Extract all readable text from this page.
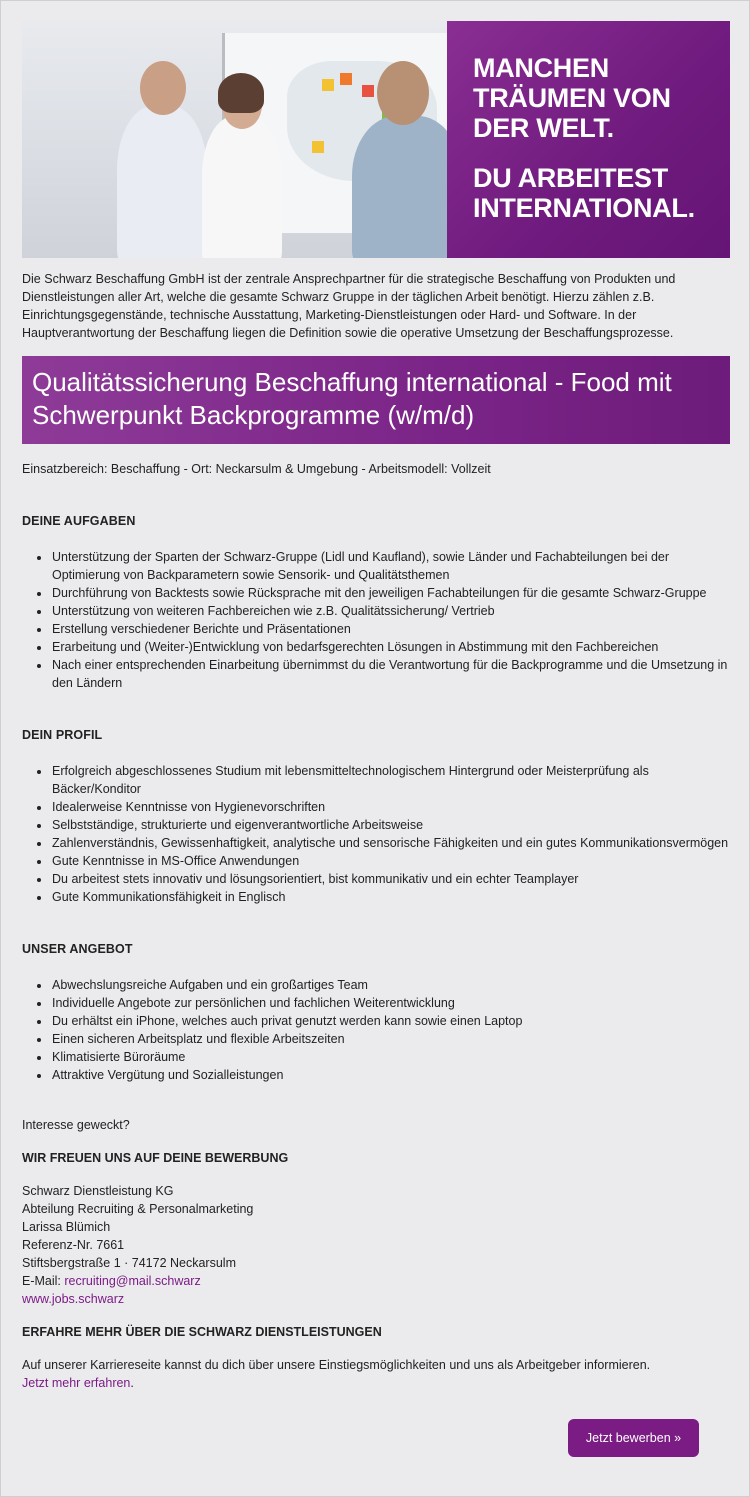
MANCHEN
TRÄUMEN VON
DER WELT.
DU ARBEITEST
INTERNATIONAL.
Die Schwarz Beschaffung GmbH ist der zentrale Ansprechpartner für die strategische Beschaffung von Produkten und Dienstleistungen aller Art, welche die gesamte Schwarz Gruppe in der täglichen Arbeit benötigt. Hierzu zählen z.B. Einrichtungsgegenstände, technische Ausstattung, Marketing-Dienstleistungen oder Hard- und Software. In der Hauptverantwortung der Beschaffung liegen die Definition sowie die operative Umsetzung der Beschaffungsprozesse.
Qualitätssicherung Beschaffung international - Food mit Schwerpunkt Backprogramme (w/m/d)
Einsatzbereich: Beschaffung - Ort: Neckarsulm & Umgebung - Arbeitsmodell: Vollzeit
DEINE AUFGABEN
• Unterstützung der Sparten der Schwarz-Gruppe (Lidl und Kaufland), sowie Länder und Fachabteilungen bei der Optimierung von Backparametern sowie Sensorik- und Qualitätsthemen
• Durchführung von Backtests sowie Rücksprache mit den jeweiligen Fachabteilungen für die gesamte Schwarz-Gruppe
• Unterstützung von weiteren Fachbereichen wie z.B. Qualitätssicherung/ Vertrieb
• Erstellung verschiedener Berichte und Präsentationen
• Erarbeitung und (Weiter-)Entwicklung von bedarfsgerechten Lösungen in Abstimmung mit den Fachbereichen
• Nach einer entsprechenden Einarbeitung übernimmst du die Verantwortung für die Backprogramme und die Umsetzung in den Ländern
DEIN PROFIL
• Erfolgreich abgeschlossenes Studium mit lebensmitteltechnologischem Hintergrund oder Meisterprüfung als Bäcker/Konditor
• Idealerweise Kenntnisse von Hygienevorschriften
• Selbstständige, strukturierte und eigenverantwortliche Arbeitsweise
• Zahlenverständnis, Gewissenhaftigkeit, analytische und sensorische Fähigkeiten und ein gutes Kommunikationsvermögen
• Gute Kenntnisse in MS-Office Anwendungen
• Du arbeitest stets innovativ und lösungsorientiert, bist kommunikativ und ein echter Teamplayer
• Gute Kommunikationsfähigkeit in Englisch
UNSER ANGEBOT
• Abwechslungsreiche Aufgaben und ein großartiges Team
• Individuelle Angebote zur persönlichen und fachlichen Weiterentwicklung
• Du erhältst ein iPhone, welches auch privat genutzt werden kann sowie einen Laptop
• Einen sicheren Arbeitsplatz und flexible Arbeitszeiten
• Klimatisierte Büroräume
• Attraktive Vergütung und Sozialleistungen
Interesse geweckt?
WIR FREUEN UNS AUF DEINE BEWERBUNG
Schwarz Dienstleistung KG
Abteilung Recruiting & Personalmarketing
Larissa Blümich
Referenz-Nr. 7661
Stiftsbergstraße 1 · 74172 Neckarsulm
E-Mail: recruiting@mail.schwarz
www.jobs.schwarz
ERFAHRE MEHR ÜBER DIE SCHWARZ DIENSTLEISTUNGEN
Auf unserer Karriereseite kannst du dich über unsere Einstiegsmöglichkeiten und uns als Arbeitgeber informieren.
Jetzt mehr erfahren.
Jetzt bewerben »
